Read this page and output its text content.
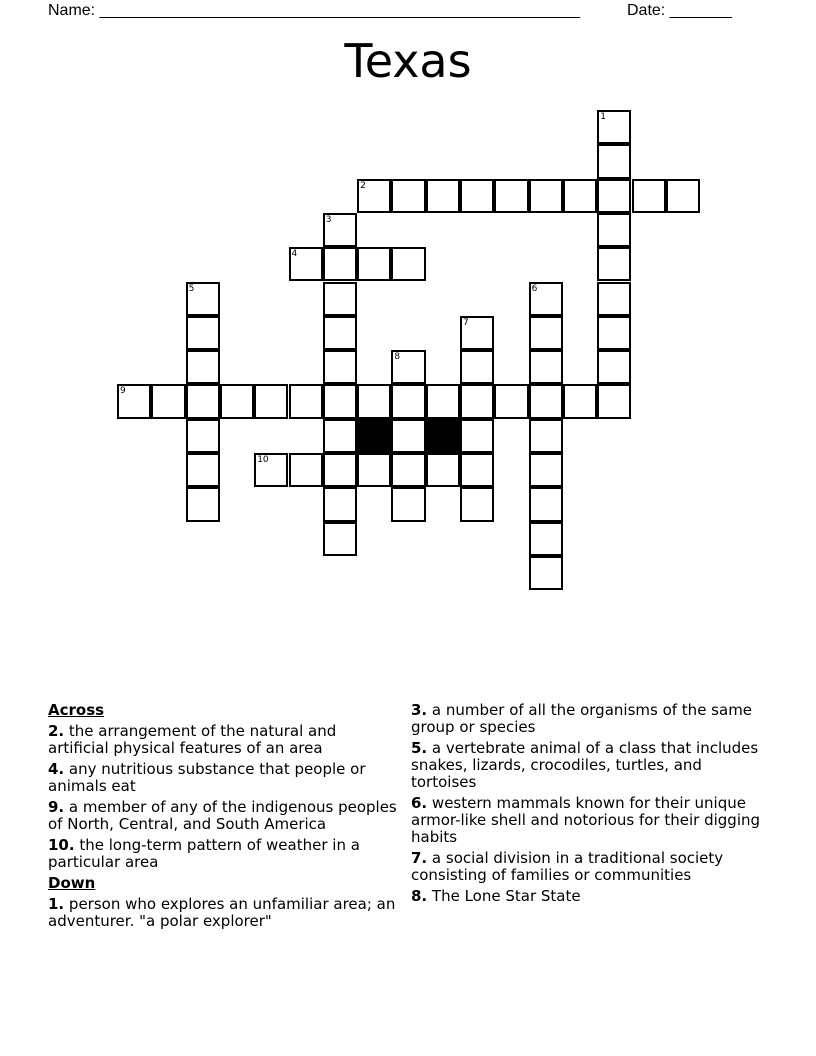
Name: ______________________________________________________	Date: _______
Texas
1
2
3
4
5	6
7
8
9
10
Across
2. the arrangement of the natural and artificial physical features of an area
4. any nutritious substance that people or animals eat
9. a member of any of the indigenous peoples of North, Central, and South America
10. the long-term pattern of weather in a particular area
Down
1. person who explores an unfamiliar area; an adventurer. "a polar explorer"
3. a number of all the organisms of the same group or species
5. a vertebrate animal of a class that includes snakes, lizards, crocodiles, turtles, and tortoises
6. western mammals known for their unique armor-like shell and notorious for their digging habits
7. a social division in a traditional society consisting of families or communities
8. The Lone Star State
